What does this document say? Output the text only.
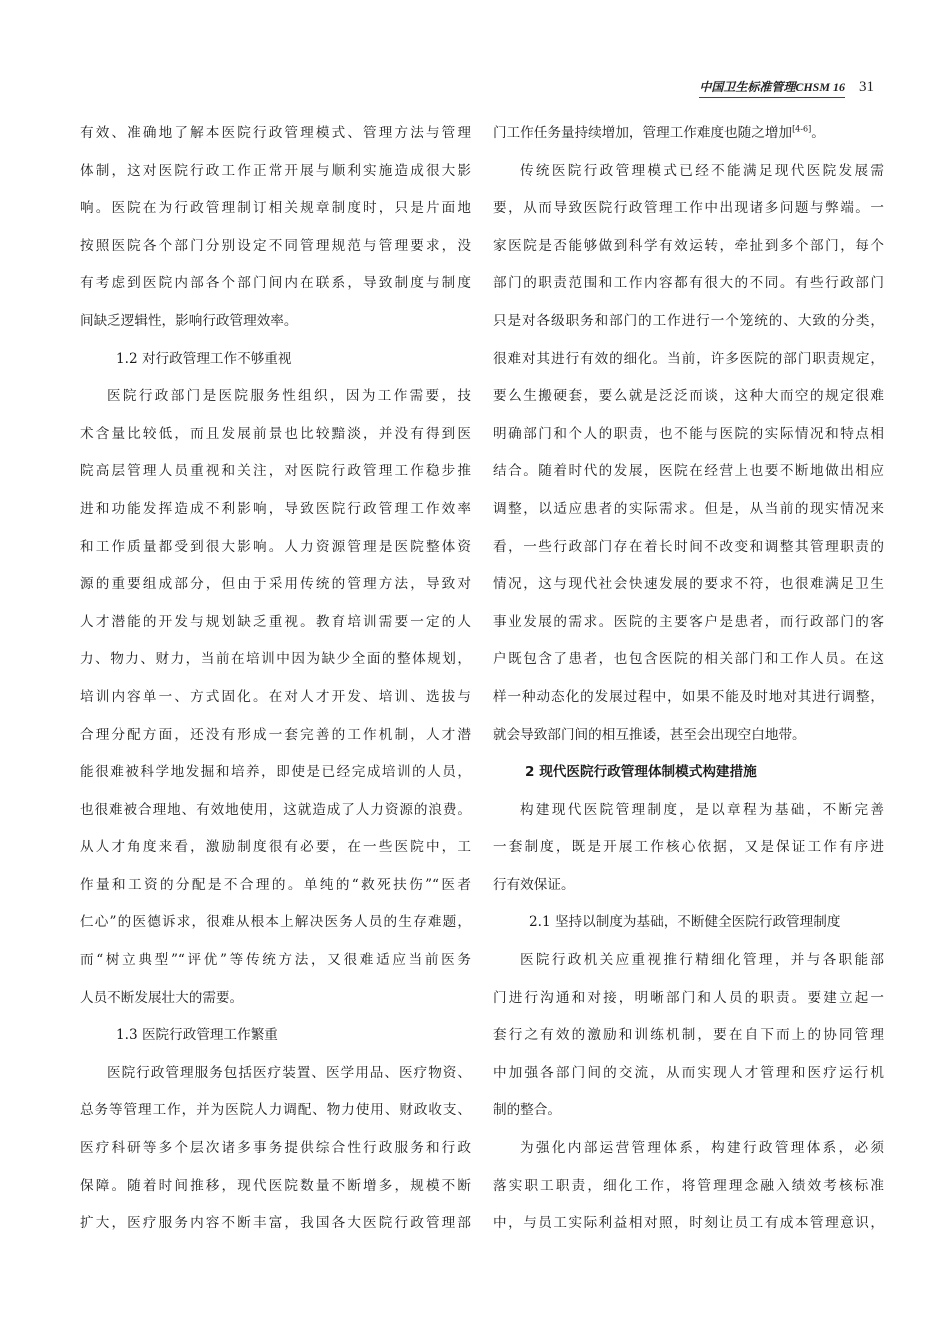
中国卫生标准管理CHSM 16 31
有效、准确地了解本医院行政管理模式、管理方法与管理
体制，这对医院行政工作正常开展与顺利实施造成很大影
响。医院在为行政管理制订相关规章制度时，只是片面地
按照医院各个部门分别设定不同管理规范与管理要求，没
有考虑到医院内部各个部门间内在联系，导致制度与制度
间缺乏逻辑性，影响行政管理效率。
1.2 对行政管理工作不够重视
医院行政部门是医院服务性组织，因为工作需要，技
术含量比较低，而且发展前景也比较黯淡，并没有得到医
院高层管理人员重视和关注，对医院行政管理工作稳步推
进和功能发挥造成不利影响，导致医院行政管理工作效率
和工作质量都受到很大影响。人力资源管理是医院整体资
源的重要组成部分，但由于采用传统的管理方法，导致对
人才潜能的开发与规划缺乏重视。教育培训需要一定的人
力、物力、财力，当前在培训中因为缺少全面的整体规划，
培训内容单一、方式固化。在对人才开发、培训、选拔与
合理分配方面，还没有形成一套完善的工作机制，人才潜
能很难被科学地发掘和培养，即使是已经完成培训的人员，
也很难被合理地、有效地使用，这就造成了人力资源的浪费。
从人才角度来看，激励制度很有必要，在一些医院中，工
作量和工资的分配是不合理的。单纯的“救死扶伤”“医者
仁心”的医德诉求，很难从根本上解决医务人员的生存难题，
而“树立典型”“评优”等传统方法，又很难适应当前医务
人员不断发展壮大的需要。
1.3 医院行政管理工作繁重
医院行政管理服务包括医疗装置、医学用品、医疗物资、
总务等管理工作，并为医院人力调配、物力使用、财政收支、
医疗科研等多个层次诸多事务提供综合性行政服务和行政
保障。随着时间推移，现代医院数量不断增多，规模不断
扩大，医疗服务内容不断丰富，我国各大医院行政管理部
门工作任务量持续增加，管理工作难度也随之增加[4-6]。
传统医院行政管理模式已经不能满足现代医院发展需
要，从而导致医院行政管理工作中出现诸多问题与弊端。一
家医院是否能够做到科学有效运转，牵扯到多个部门，每个
部门的职责范围和工作内容都有很大的不同。有些行政部门
只是对各级职务和部门的工作进行一个笼统的、大致的分类，
很难对其进行有效的细化。当前，许多医院的部门职责规定，
要么生搬硬套，要么就是泛泛而谈，这种大而空的规定很难
明确部门和个人的职责，也不能与医院的实际情况和特点相
结合。随着时代的发展，医院在经营上也要不断地做出相应
调整，以适应患者的实际需求。但是，从当前的现实情况来
看，一些行政部门存在着长时间不改变和调整其管理职责的
情况，这与现代社会快速发展的要求不符，也很难满足卫生
事业发展的需求。医院的主要客户是患者，而行政部门的客
户既包含了患者，也包含医院的相关部门和工作人员。在这
样一种动态化的发展过程中，如果不能及时地对其进行调整，
就会导致部门间的相互推诿，甚至会出现空白地带。
2 现代医院行政管理体制模式构建措施
构建现代医院管理制度，是以章程为基础，不断完善
一套制度，既是开展工作核心依据，又是保证工作有序进
行有效保证。
2.1 坚持以制度为基础，不断健全医院行政管理制度
医院行政机关应重视推行精细化管理，并与各职能部
门进行沟通和对接，明晰部门和人员的职责。要建立起一
套行之有效的激励和训练机制，要在自下而上的协同管理
中加强各部门间的交流，从而实现人才管理和医疗运行机
制的整合。
为强化内部运营管理体系，构建行政管理体系，必须
落实职工职责，细化工作，将管理理念融入绩效考核标准
中，与员工实际利益相对照，时刻让员工有成本管理意识，
